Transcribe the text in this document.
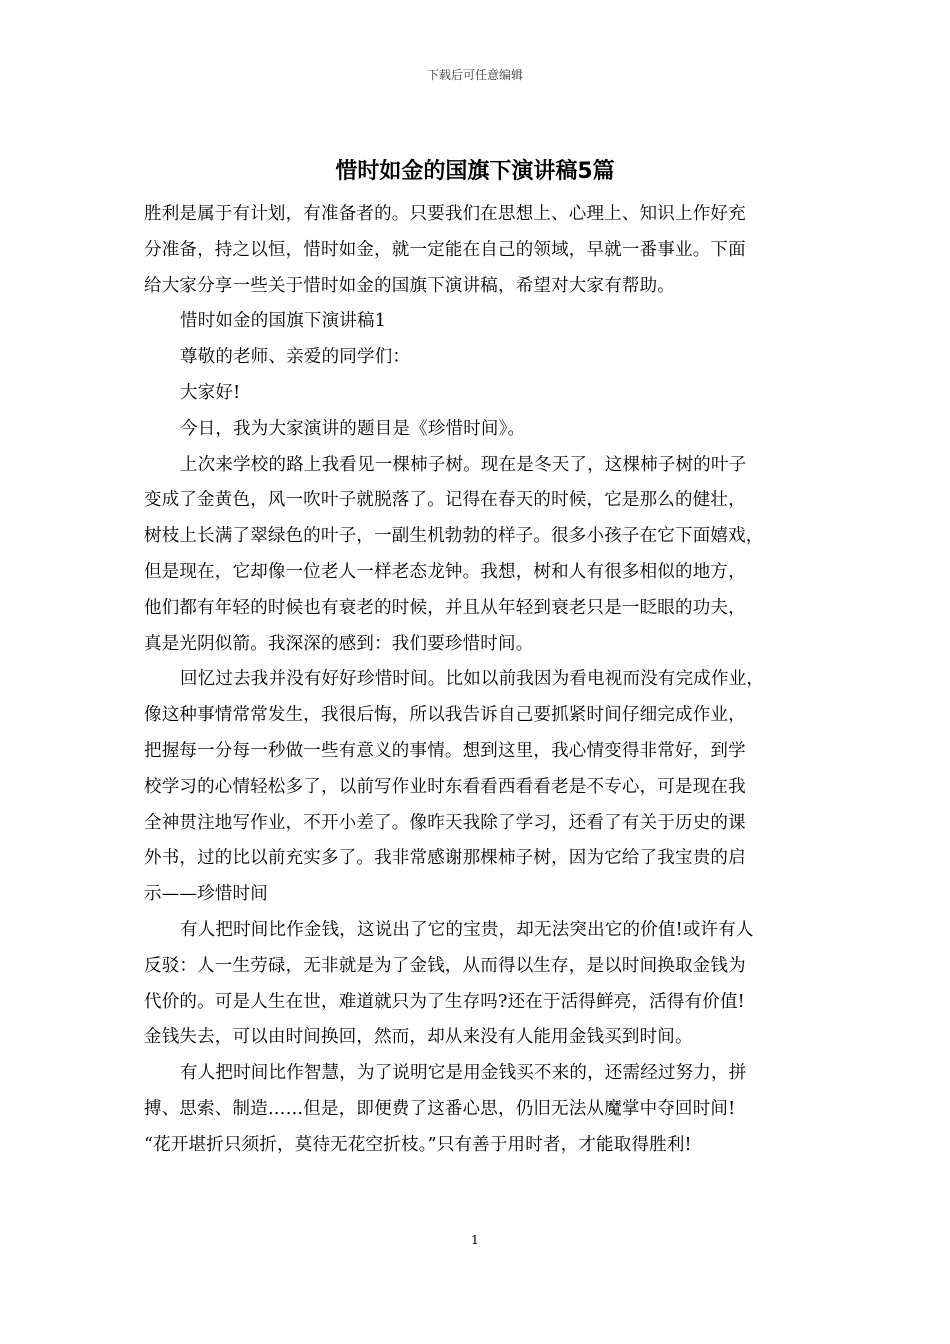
下载后可任意编辑
惜时如金的国旗下演讲稿5篇
胜利是属于有计划，有准备者的。只要我们在思想上、心理上、知识上作好充
分准备，持之以恒，惜时如金，就一定能在自己的领域，早就一番事业。下面
给大家分享一些关于惜时如金的国旗下演讲稿，希望对大家有帮助。
惜时如金的国旗下演讲稿1
尊敬的老师、亲爱的同学们：
大家好!
今日，我为大家演讲的题目是《珍惜时间》。
上次来学校的路上我看见一棵柿子树。现在是冬天了，这棵柿子树的叶子
变成了金黄色，风一吹叶子就脱落了。记得在春天的时候，它是那么的健壮，
树枝上长满了翠绿色的叶子，一副生机勃勃的样子。很多小孩子在它下面嬉戏，
但是现在，它却像一位老人一样老态龙钟。我想，树和人有很多相似的地方，
他们都有年轻的时候也有衰老的时候，并且从年轻到衰老只是一眨眼的功夫，
真是光阴似箭。我深深的感到：我们要珍惜时间。
回忆过去我并没有好好珍惜时间。比如以前我因为看电视而没有完成作业，
像这种事情常常发生，我很后悔，所以我告诉自己要抓紧时间仔细完成作业，
把握每一分每一秒做一些有意义的事情。想到这里，我心情变得非常好，到学
校学习的心情轻松多了，以前写作业时东看看西看看老是不专心，可是现在我
全神贯注地写作业，不开小差了。像昨天我除了学习，还看了有关于历史的课
外书，过的比以前充实多了。我非常感谢那棵柿子树，因为它给了我宝贵的启
示——珍惜时间
有人把时间比作金钱，这说出了它的宝贵，却无法突出它的价值!或许有人
反驳：人一生劳碌，无非就是为了金钱，从而得以生存，是以时间换取金钱为
代价的。可是人生在世，难道就只为了生存吗?还在于活得鲜亮，活得有价值!
金钱失去，可以由时间换回，然而，却从来没有人能用金钱买到时间。
有人把时间比作智慧，为了说明它是用金钱买不来的，还需经过努力，拼
搏、思索、制造……但是，即便费了这番心思，仍旧无法从魔掌中夺回时间!
“花开堪折只须折，莫待无花空折枝。”只有善于用时者，才能取得胜利!
1
